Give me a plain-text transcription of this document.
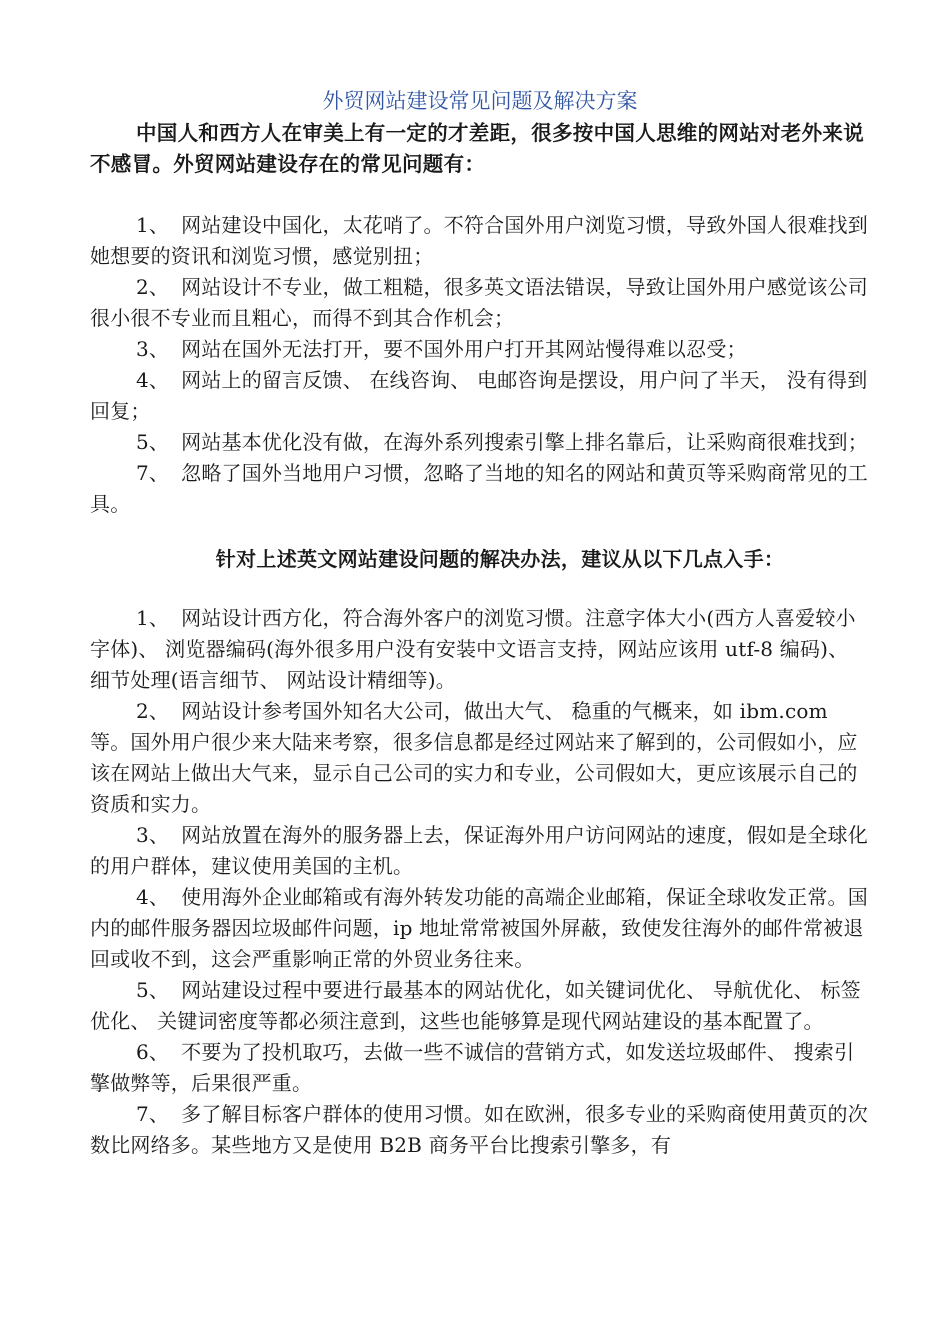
外贸网站建设常见问题及解决方案

中国人和西方人在审美上有一定的才差距，很多按中国人思维的网站对老外来说不感冒。外贸网站建设存在的常见问题有：

1、 网站建设中国化，太花哨了。不符合国外用户浏览习惯，导致外国人很难找到她想要的资讯和浏览习惯，感觉别扭；
2、 网站设计不专业，做工粗糙，很多英文语法错误，导致让国外用户感觉该公司很小很不专业而且粗心，而得不到其合作机会；
3、 网站在国外无法打开，要不国外用户打开其网站慢得难以忍受；
4、 网站上的留言反馈、 在线咨询、 电邮咨询是摆设，用户问了半天， 没有得到回复；
5、 网站基本优化没有做，在海外系列搜索引擎上排名靠后，让采购商很难找到；
7、 忽略了国外当地用户习惯，忽略了当地的知名的网站和黄页等采购商常见的工具。

针对上述英文网站建设问题的解决办法，建议从以下几点入手：

1、 网站设计西方化，符合海外客户的浏览习惯。注意字体大小(西方人喜爱较小字体)、 浏览器编码(海外很多用户没有安装中文语言支持，网站应该用 utf-8 编码)、 细节处理(语言细节、 网站设计精细等)。
2、 网站设计参考国外知名大公司，做出大气、 稳重的气概来，如 ibm.com 等。国外用户很少来大陆来考察，很多信息都是经过网站来了解到的，公司假如小，应该在网站上做出大气来，显示自己公司的实力和专业，公司假如大，更应该展示自己的资质和实力。
3、 网站放置在海外的服务器上去，保证海外用户访问网站的速度，假如是全球化的用户群体，建议使用美国的主机。
4、 使用海外企业邮箱或有海外转发功能的高端企业邮箱，保证全球收发正常。国内的邮件服务器因垃圾邮件问题，ip 地址常常被国外屏蔽，致使发往海外的邮件常被退回或收不到，这会严重影响正常的外贸业务往来。
5、 网站建设过程中要进行最基本的网站优化，如关键词优化、 导航优化、 标签优化、 关键词密度等都必须注意到，这些也能够算是现代网站建设的基本配置了。
6、 不要为了投机取巧，去做一些不诚信的营销方式，如发送垃圾邮件、 搜索引擎做弊等，后果很严重。
7、 多了解目标客户群体的使用习惯。如在欧洲，很多专业的采购商使用黄页的次数比网络多。某些地方又是使用 B2B 商务平台比搜索引擎多，有
